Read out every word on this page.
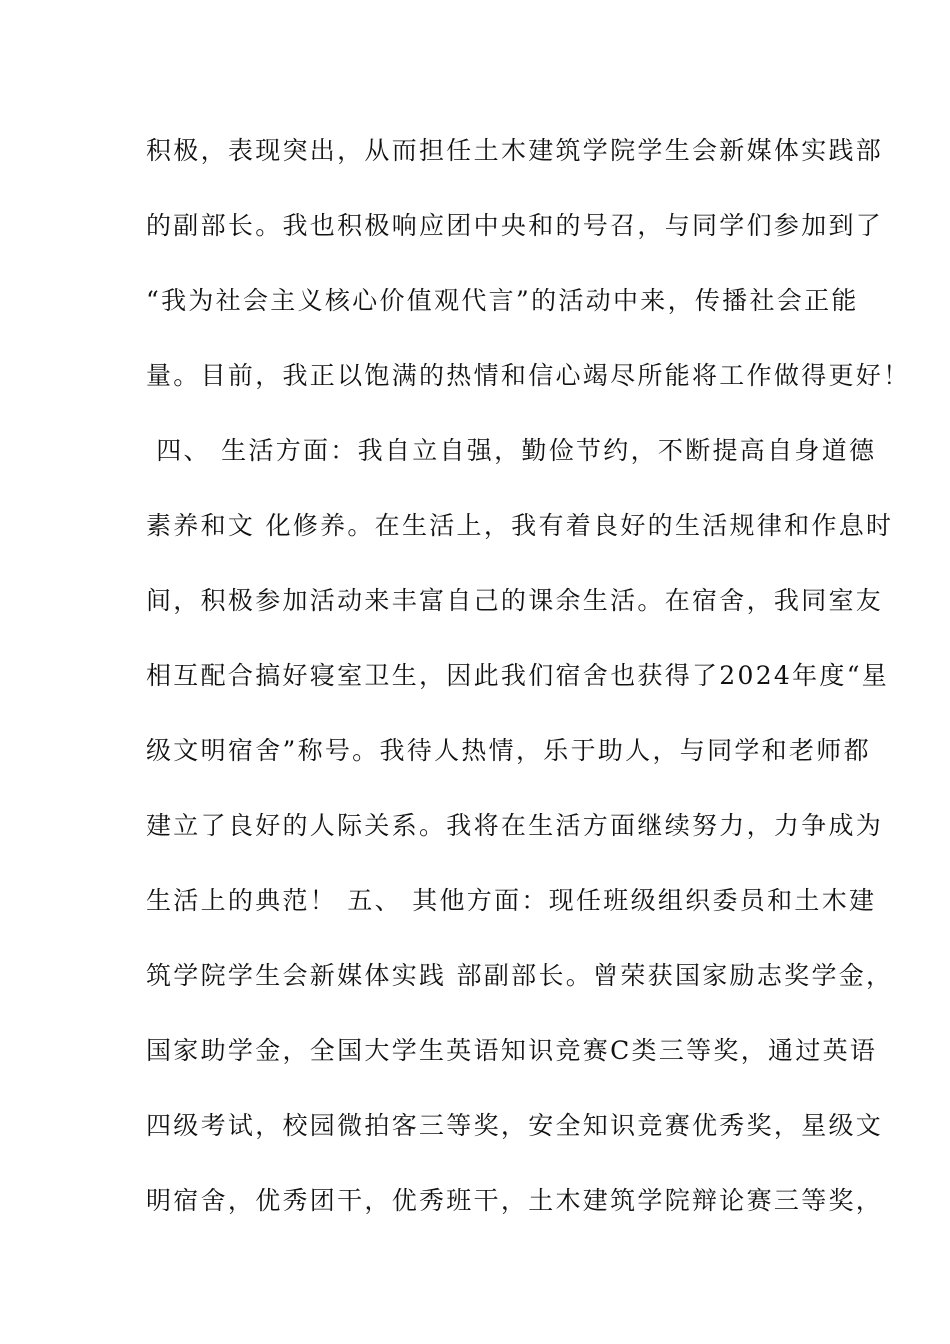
积极，表现突出，从而担任土木建筑学院学生会新媒体实践部
的副部长。我也积极响应团中央和的号召，与同学们参加到了
“我为社会主义核心价值观代言”的活动中来，传播社会正能
量。目前，我正以饱满的热情和信心竭尽所能将工作做得更好！
四、 生活方面：我自立自强，勤俭节约，不断提高自身道德
素养和文 化修养。在生活上，我有着良好的生活规律和作息时
间，积极参加活动来丰富自己的课余生活。在宿舍，我同室友
相互配合搞好寝室卫生，因此我们宿舍也获得了2024年度“星
级文明宿舍”称号。我待人热情，乐于助人，与同学和老师都
建立了良好的人际关系。我将在生活方面继续努力，力争成为
生活上的典范！ 五、 其他方面：现任班级组织委员和土木建
筑学院学生会新媒体实践 部副部长。曾荣获国家励志奖学金，
国家助学金，全国大学生英语知识竞赛C类三等奖，通过英语
四级考试，校园微拍客三等奖，安全知识竞赛优秀奖，星级文
明宿舍，优秀团干，优秀班干，土木建筑学院辩论赛三等奖，
